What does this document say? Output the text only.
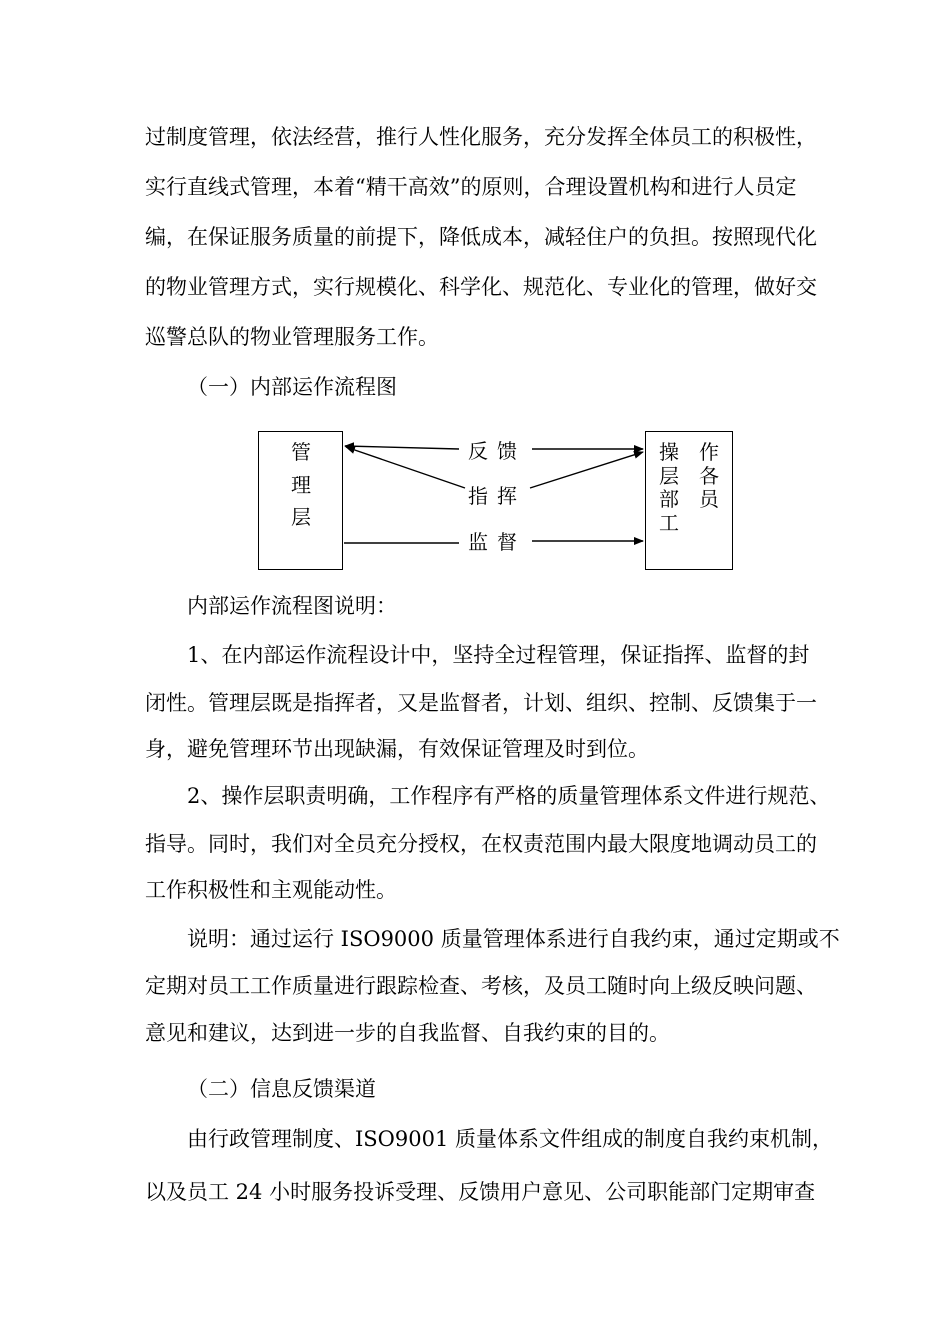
过制度管理，依法经营，推行人性化服务，充分发挥全体员工的积极性，
实行直线式管理，本着“精干高效”的原则，合理设置机构和进行人员定
编，在保证服务质量的前提下，降低成本，减轻住户的负担。按照现代化
的物业管理方式，实行规模化、科学化、规范化、专业化的管理，做好交
巡警总队的物业管理服务工作。
（一）内部运作流程图
管
理
层
操
层
部
工
作
各
员
反馈
指挥
监督
内部运作流程图说明：
1、在内部运作流程设计中，坚持全过程管理，保证指挥、监督的封
闭性。管理层既是指挥者，又是监督者，计划、组织、控制、反馈集于一
身，避免管理环节出现缺漏，有效保证管理及时到位。
2、操作层职责明确，工作程序有严格的质量管理体系文件进行规范、
指导。同时，我们对全员充分授权，在权责范围内最大限度地调动员工的
工作积极性和主观能动性。
说明：通过运行 ISO9000 质量管理体系进行自我约束，通过定期或不
定期对员工工作质量进行跟踪检查、考核，及员工随时向上级反映问题、
意见和建议，达到进一步的自我监督、自我约束的目的。
（二）信息反馈渠道
由行政管理制度、ISO9001 质量体系文件组成的制度自我约束机制，
以及员工 24 小时服务投诉受理、反馈用户意见、公司职能部门定期审查
